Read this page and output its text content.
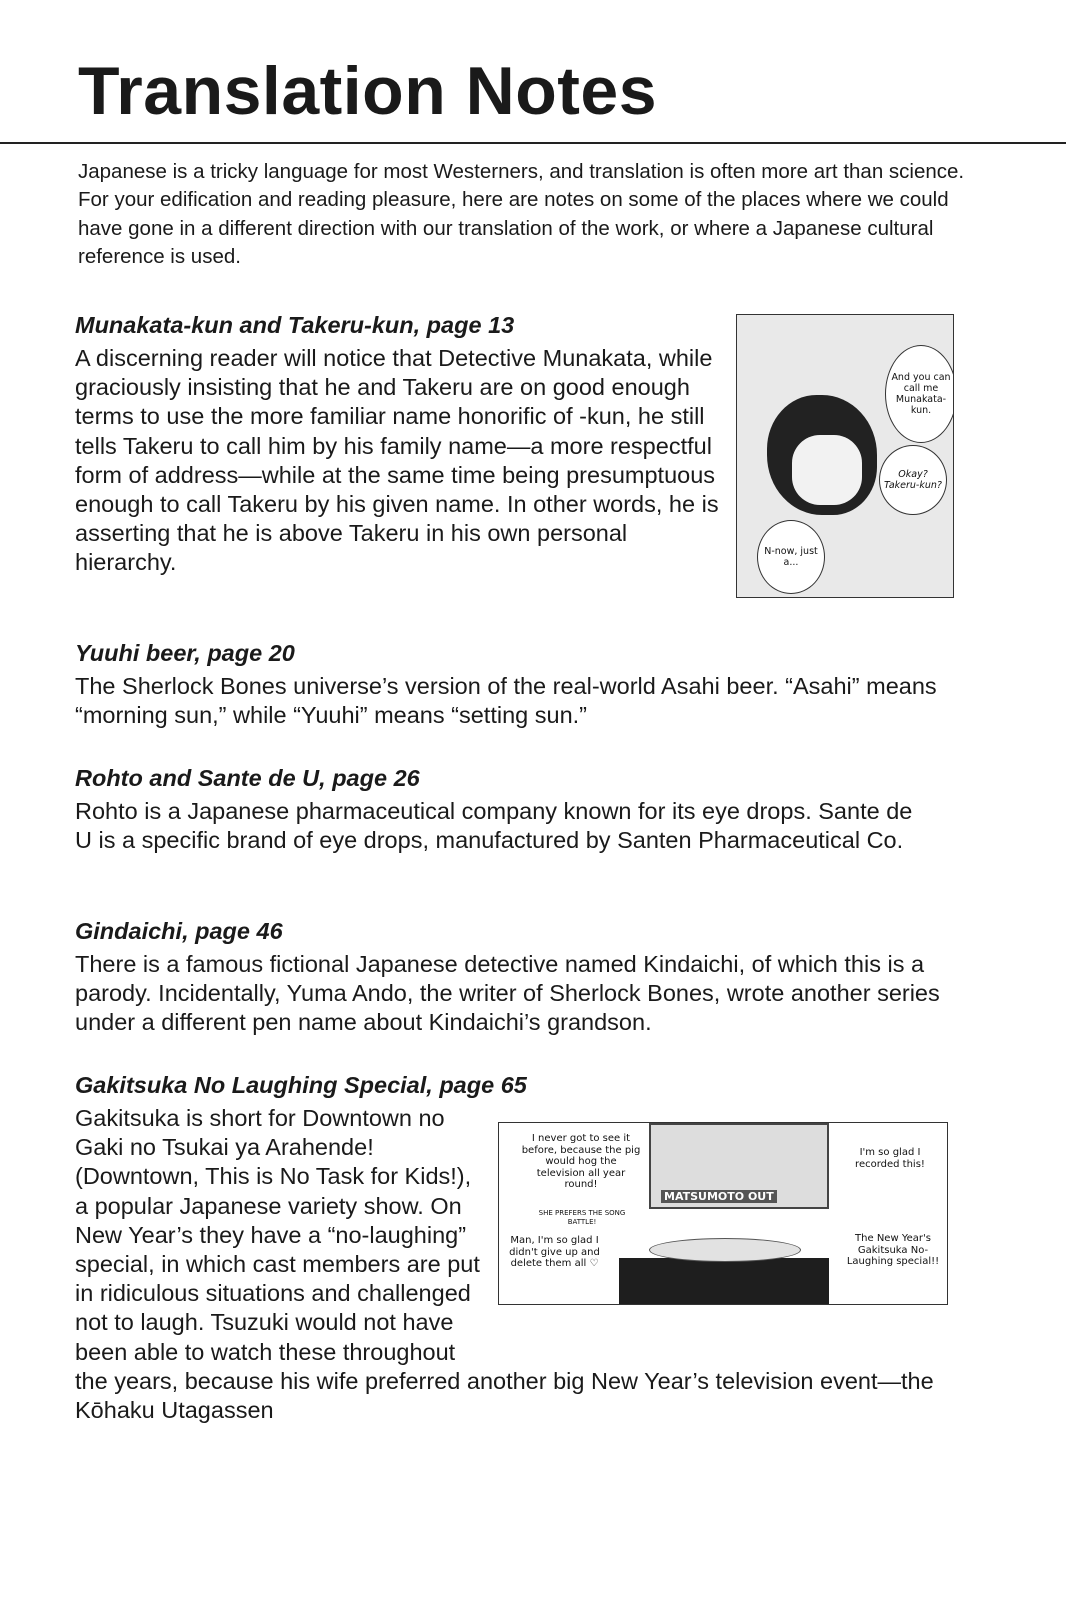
Translation Notes

Japanese is a tricky language for most Westerners, and translation is often more art than science. For your edification and reading pleasure, here are notes on some of the places where we could have gone in a different direction with our translation of the work, or where a Japanese cultural reference is used.

Munakata-kun and Takeru-kun, page 13

A discerning reader will notice that Detective Munakata, while graciously insisting that he and Takeru are on good enough terms to use the more familiar name honorific of -kun, he still tells Takeru to call him by his family name—a more respectful form of address—while at the same time being presumptuous enough to call Takeru by his given name. In other words, he is asserting that he is above Takeru in his own personal hierarchy.

And you can call me Munakata-kun.
Okay? Takeru-kun?
N-now, just a...
Yuuhi beer, page 20

The Sherlock Bones universe’s version of the real-world Asahi beer. “Asahi” means “morning sun,” while “Yuuhi” means “setting sun.”

Rohto and Sante de U, page 26

Rohto is a Japanese pharmaceutical company known for its eye drops. Sante de U is a specific brand of eye drops, manufactured by Santen Pharmaceutical Co.

Gindaichi, page 46

There is a famous fictional Japanese detective named Kindaichi, of which this is a parody. Incidentally, Yuma Ando, the writer of Sherlock Bones, wrote another series under a different pen name about Kindaichi’s grandson.

Gakitsuka No Laughing Special, page 65

Gakitsuka is short for Downtown no Gaki no Tsukai ya Arahende! (Downtown, This is No Task for Kids!), a popular Japanese variety show. On New Year’s they have a “no-laughing” special, in which cast members are put in ridiculous situations and challenged not to laugh. Tsuzuki would not have been able to watch these throughout the years, because his wife preferred another big New Year’s television event—the Kōhaku Utagassen

MATSUMOTO OUT
I never got to see it before, because the pig would hog the television all year round!
SHE PREFERS THE SONG BATTLE!
Man, I'm so glad I didn't give up and delete them all ♡
I'm so glad I recorded this!
The New Year's Gakitsuka No-Laughing special!!
